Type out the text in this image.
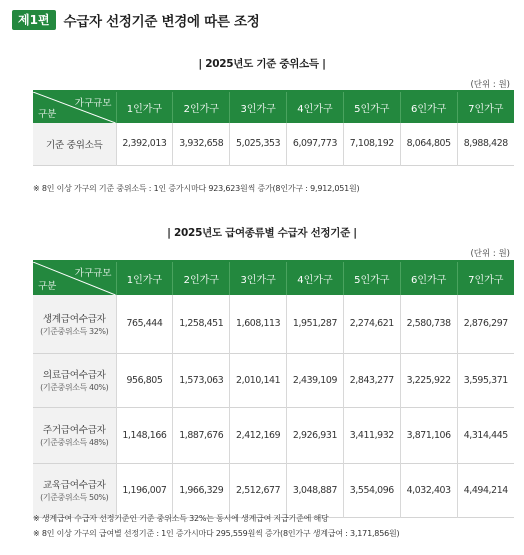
제1편	수급자 선정기준 변경에 따른 조정
| 2025년도 기준 중위소득 |
(단위 : 원)
가구규모
구분	1인가구	2인가구	3인가구	4인가구	5인가구	6인가구	7인가구

기준 중위소득	2,392,013	3,932,658	5,025,353	6,097,773	7,108,192	8,064,805	8,988,428
※ 8인 이상 가구의 기준 중위소득 : 1인 증가시마다 923,623원씩 증가(8인가구 : 9,912,051원)
| 2025년도 급여종류별 수급자 선정기준 |
(단위 : 원)
가구규모
구분	1인가구	2인가구	3인가구	4인가구	5인가구	6인가구	7인가구

생계급여수급자
(기준중위소득 32%)	765,444	1,258,451	1,608,113	1,951,287	2,274,621	2,580,738	2,876,297

의료급여수급자
(기준중위소득 40%)	956,805	1,573,063	2,010,141	2,439,109	2,843,277	3,225,922	3,595,371

주거급여수급자
(기준중위소득 48%)	1,148,166	1,887,676	2,412,169	2,926,931	3,411,932	3,871,106	4,314,445

교육급여수급자
(기준중위소득 50%)	1,196,007	1,966,329	2,512,677	3,048,887	3,554,096	4,032,403	4,494,214
※ 생계급여 수급자 선정기준인 기준 중위소득 32%는 동시에 생계급여 지급기준에 해당
※ 8인 이상 가구의 급여별 선정기준 : 1인 증가시마다 295,559원씩 증가(8인가구 생계급여 : 3,171,856원)
